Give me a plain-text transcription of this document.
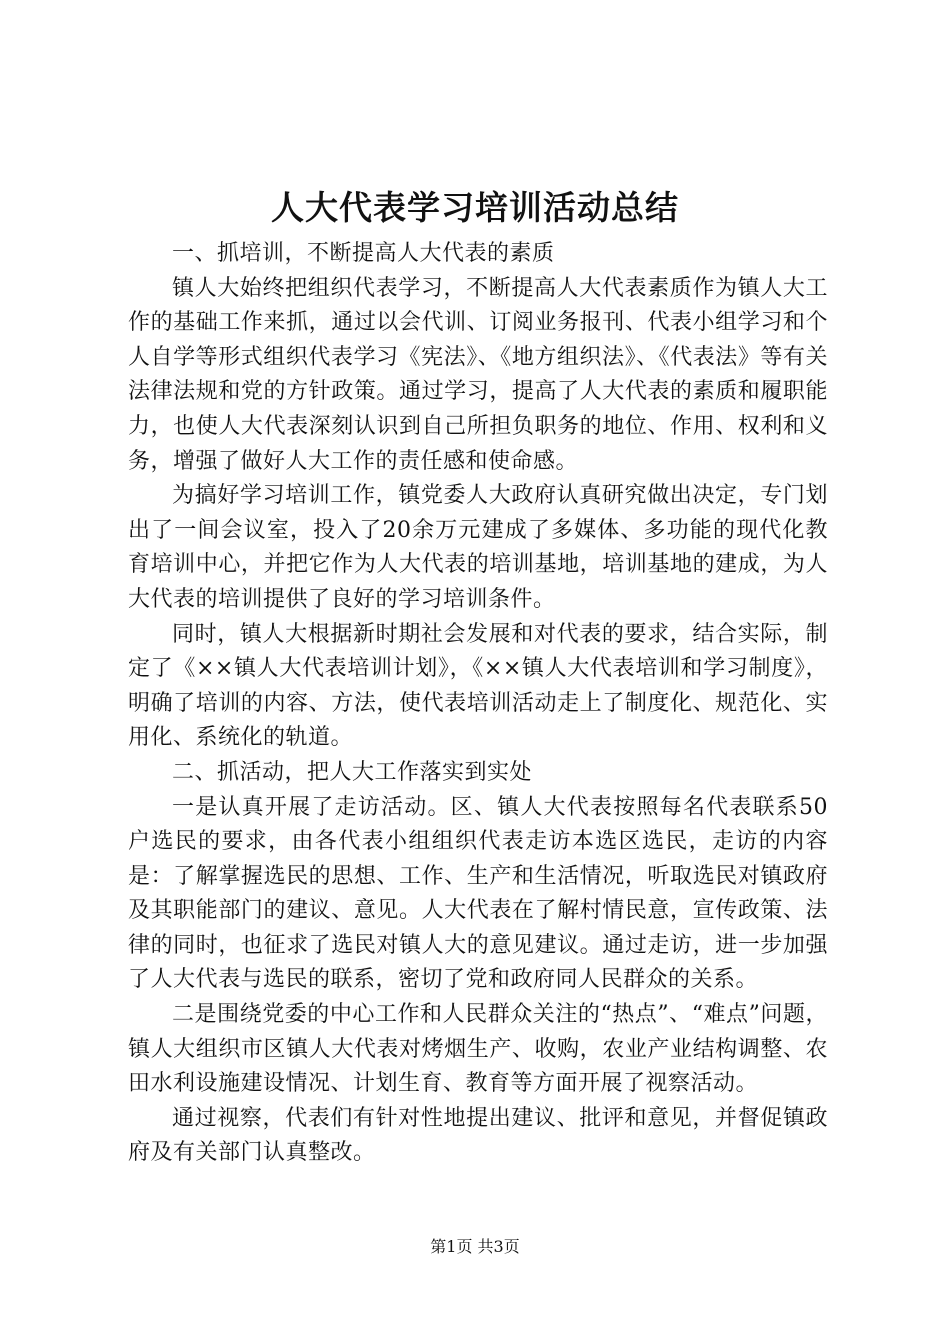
人大代表学习培训活动总结

一、抓培训，不断提高人大代表的素质

镇人大始终把组织代表学习，不断提高人大代表素质作为镇人大工作的基础工作来抓，通过以会代训、订阅业务报刊、代表小组学习和个人自学等形式组织代表学习《宪法》、《地方组织法》、《代表法》等有关法律法规和党的方针政策。通过学习，提高了人大代表的素质和履职能力，也使人大代表深刻认识到自己所担负职务的地位、作用、权利和义务，增强了做好人大工作的责任感和使命感。

为搞好学习培训工作，镇党委人大政府认真研究做出决定，专门划出了一间会议室，投入了20余万元建成了多媒体、多功能的现代化教育培训中心，并把它作为人大代表的培训基地，培训基地的建成，为人大代表的培训提供了良好的学习培训条件。

同时，镇人大根据新时期社会发展和对代表的要求，结合实际，制定了《××镇人大代表培训计划》，《××镇人大代表培训和学习制度》，明确了培训的内容、方法，使代表培训活动走上了制度化、规范化、实用化、系统化的轨道。

二、抓活动，把人大工作落实到实处

一是认真开展了走访活动。区、镇人大代表按照每名代表联系50户选民的要求，由各代表小组组织代表走访本选区选民，走访的内容是：了解掌握选民的思想、工作、生产和生活情况，听取选民对镇政府及其职能部门的建议、意见。人大代表在了解村情民意，宣传政策、法律的同时，也征求了选民对镇人大的意见建议。通过走访，进一步加强了人大代表与选民的联系，密切了党和政府同人民群众的关系。

二是围绕党委的中心工作和人民群众关注的“热点”、“难点”问题，镇人大组织市区镇人大代表对烤烟生产、收购，农业产业结构调整、农田水利设施建设情况、计划生育、教育等方面开展了视察活动。

通过视察，代表们有针对性地提出建议、批评和意见，并督促镇政府及有关部门认真整改。

第1页 共3页
